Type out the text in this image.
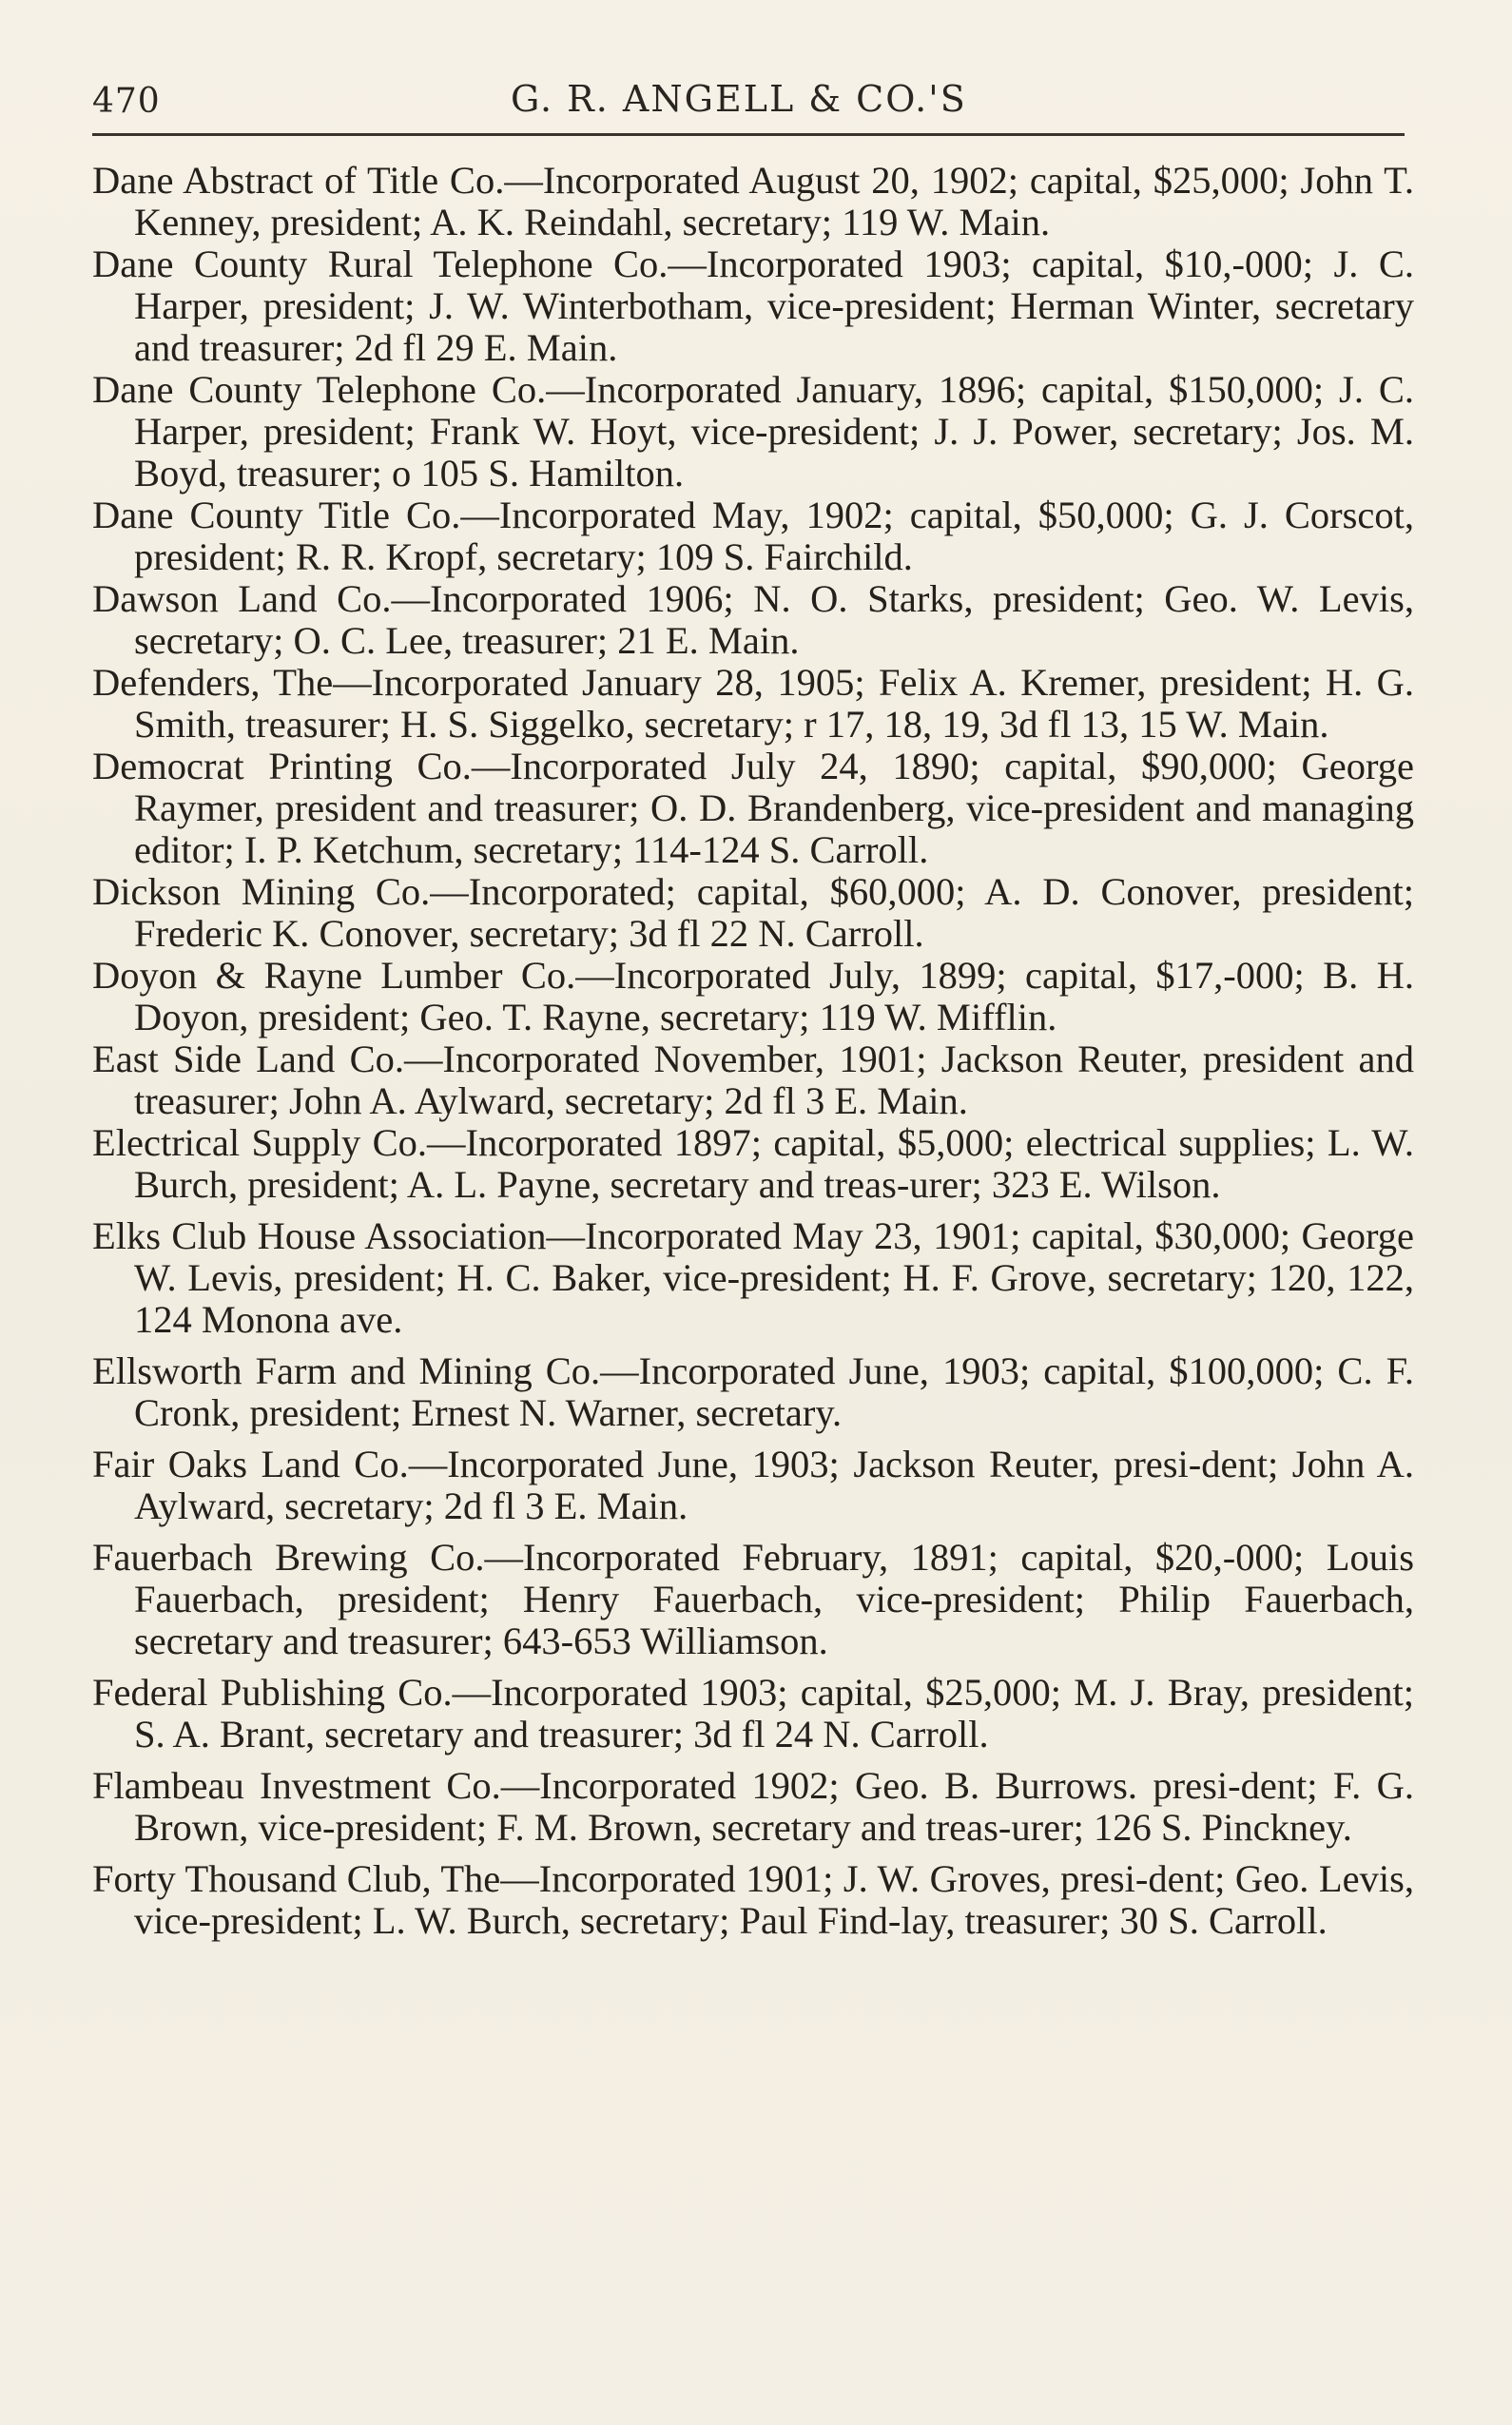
470	G. R. ANGELL & CO.'S

Dane Abstract of Title Co.—Incorporated August 20, 1902; capital, $25,000; John T. Kenney, president; A. K. Reindahl, secretary; 119 W. Main.

Dane County Rural Telephone Co.—Incorporated 1903; capital, $10,-000; J. C. Harper, president; J. W. Winterbotham, vice-president; Herman Winter, secretary and treasurer; 2d fl 29 E. Main.

Dane County Telephone Co.—Incorporated January, 1896; capital, $150,000; J. C. Harper, president; Frank W. Hoyt, vice-president; J. J. Power, secretary; Jos. M. Boyd, treasurer; o 105 S. Hamilton.

Dane County Title Co.—Incorporated May, 1902; capital, $50,000; G. J. Corscot, president; R. R. Kropf, secretary; 109 S. Fairchild.

Dawson Land Co.—Incorporated 1906; N. O. Starks, president; Geo. W. Levis, secretary; O. C. Lee, treasurer; 21 E. Main.

Defenders, The—Incorporated January 28, 1905; Felix A. Kremer, president; H. G. Smith, treasurer; H. S. Siggelko, secretary; r 17, 18, 19, 3d fl 13, 15 W. Main.

Democrat Printing Co.—Incorporated July 24, 1890; capital, $90,000; George Raymer, president and treasurer; O. D. Brandenberg, vice-president and managing editor; I. P. Ketchum, secretary; 114-124 S. Carroll.

Dickson Mining Co.—Incorporated; capital, $60,000; A. D. Conover, president; Frederic K. Conover, secretary; 3d fl 22 N. Carroll.

Doyon & Rayne Lumber Co.—Incorporated July, 1899; capital, $17,-000; B. H. Doyon, president; Geo. T. Rayne, secretary; 119 W. Mifflin.

East Side Land Co.—Incorporated November, 1901; Jackson Reuter, president and treasurer; John A. Aylward, secretary; 2d fl 3 E. Main.

Electrical Supply Co.—Incorporated 1897; capital, $5,000; electrical supplies; L. W. Burch, president; A. L. Payne, secretary and treas-urer; 323 E. Wilson.

Elks Club House Association—Incorporated May 23, 1901; capital, $30,000; George W. Levis, president; H. C. Baker, vice-president; H. F. Grove, secretary; 120, 122, 124 Monona ave.

Ellsworth Farm and Mining Co.—Incorporated June, 1903; capital, $100,000; C. F. Cronk, president; Ernest N. Warner, secretary.

Fair Oaks Land Co.—Incorporated June, 1903; Jackson Reuter, presi-dent; John A. Aylward, secretary; 2d fl 3 E. Main.

Fauerbach Brewing Co.—Incorporated February, 1891; capital, $20,-000; Louis Fauerbach, president; Henry Fauerbach, vice-president; Philip Fauerbach, secretary and treasurer; 643-653 Williamson.

Federal Publishing Co.—Incorporated 1903; capital, $25,000; M. J. Bray, president; S. A. Brant, secretary and treasurer; 3d fl 24 N. Carroll.

Flambeau Investment Co.—Incorporated 1902; Geo. B. Burrows. presi-dent; F. G. Brown, vice-president; F. M. Brown, secretary and treas-urer; 126 S. Pinckney.

Forty Thousand Club, The—Incorporated 1901; J. W. Groves, presi-dent; Geo. Levis, vice-president; L. W. Burch, secretary; Paul Find-lay, treasurer; 30 S. Carroll.
